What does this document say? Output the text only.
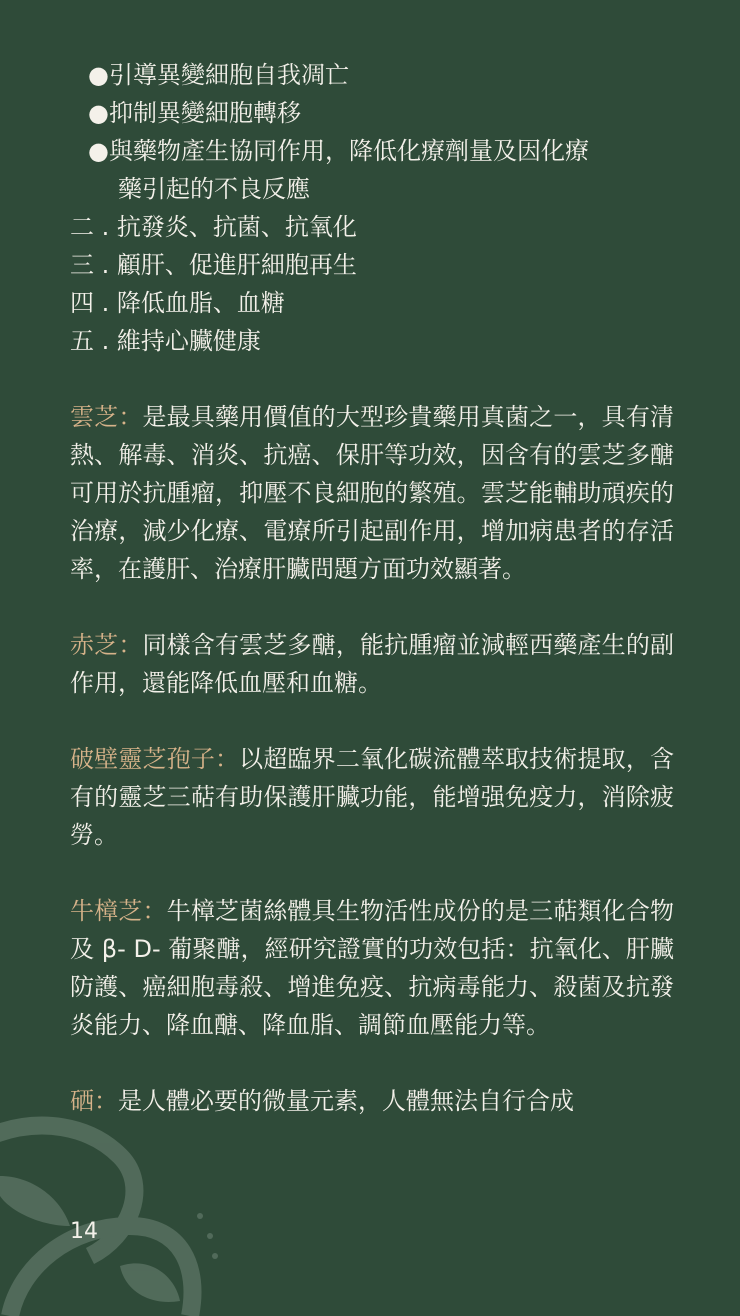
●引導異變細胞自我凋亡
●抑制異變細胞轉移
●與藥物產生協同作用，降低化療劑量及因化療
藥引起的不良反應
二 . 抗發炎、抗菌、抗氧化
三 . 顧肝、促進肝細胞再生
四 . 降低血脂、血糖
五 . 維持心臟健康

雲芝：是最具藥用價值的大型珍貴藥用真菌之一，具有清熱、解毒、消炎、抗癌、保肝等功效，因含有的雲芝多醣可用於抗腫瘤，抑壓不良細胞的繁殖。雲芝能輔助頑疾的治療，減少化療、電療所引起副作用，增加病患者的存活率，在護肝、治療肝臟問題方面功效顯著。

赤芝：同樣含有雲芝多醣，能抗腫瘤並減輕西藥產生的副作用，還能降低血壓和血糖。

破壁靈芝孢子：以超臨界二氧化碳流體萃取技術提取，含有的靈芝三萜有助保護肝臟功能，能增强免疫力，消除疲勞。

牛樟芝：牛樟芝菌絲體具生物活性成份的是三萜類化合物及 β- D- 葡聚醣，經研究證實的功效包括：抗氧化、肝臟防護、癌細胞毒殺、增進免疫、抗病毒能力、殺菌及抗發炎能力、降血醣、降血脂、調節血壓能力等。

硒：是人體必要的微量元素，人體無法自行合成

14
